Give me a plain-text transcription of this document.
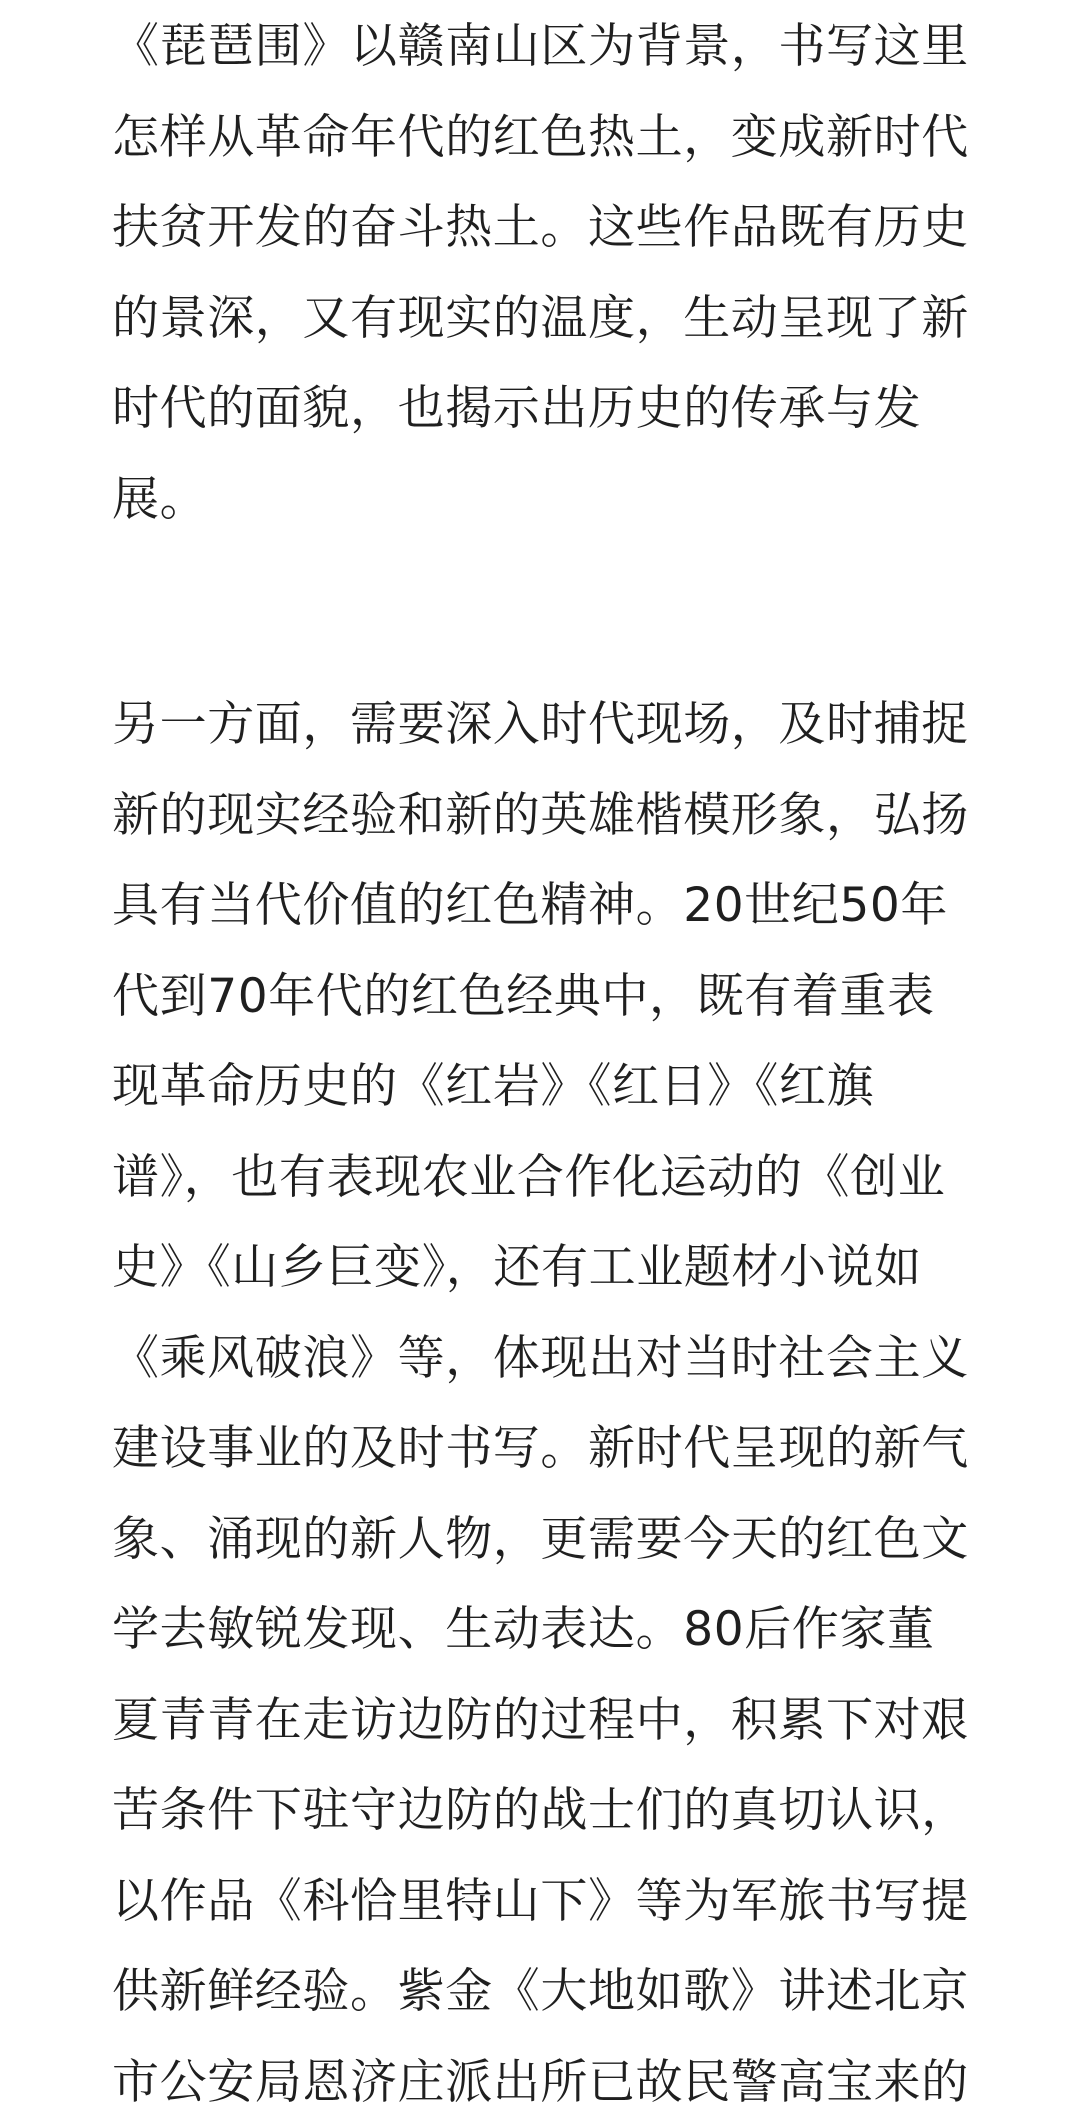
《琵琶围》以赣南山区为背景，书写这里
怎样从革命年代的红色热土，变成新时代
扶贫开发的奋斗热土。这些作品既有历史
的景深，又有现实的温度，生动呈现了新
时代的面貌，也揭示出历史的传承与发
展。
另一方面，需要深入时代现场，及时捕捉
新的现实经验和新的英雄楷模形象，弘扬
具有当代价值的红色精神。20世纪50年
代到70年代的红色经典中，既有着重表
现革命历史的《红岩》《红日》《红旗
谱》，也有表现农业合作化运动的《创业
史》《山乡巨变》，还有工业题材小说如
《乘风破浪》等，体现出对当时社会主义
建设事业的及时书写。新时代呈现的新气
象、涌现的新人物，更需要今天的红色文
学去敏锐发现、生动表达。80后作家董
夏青青在走访边防的过程中，积累下对艰
苦条件下驻守边防的战士们的真切认识，
以作品《科恰里特山下》等为军旅书写提
供新鲜经验。紫金《大地如歌》讲述北京
市公安局恩济庄派出所已故民警高宝来的
